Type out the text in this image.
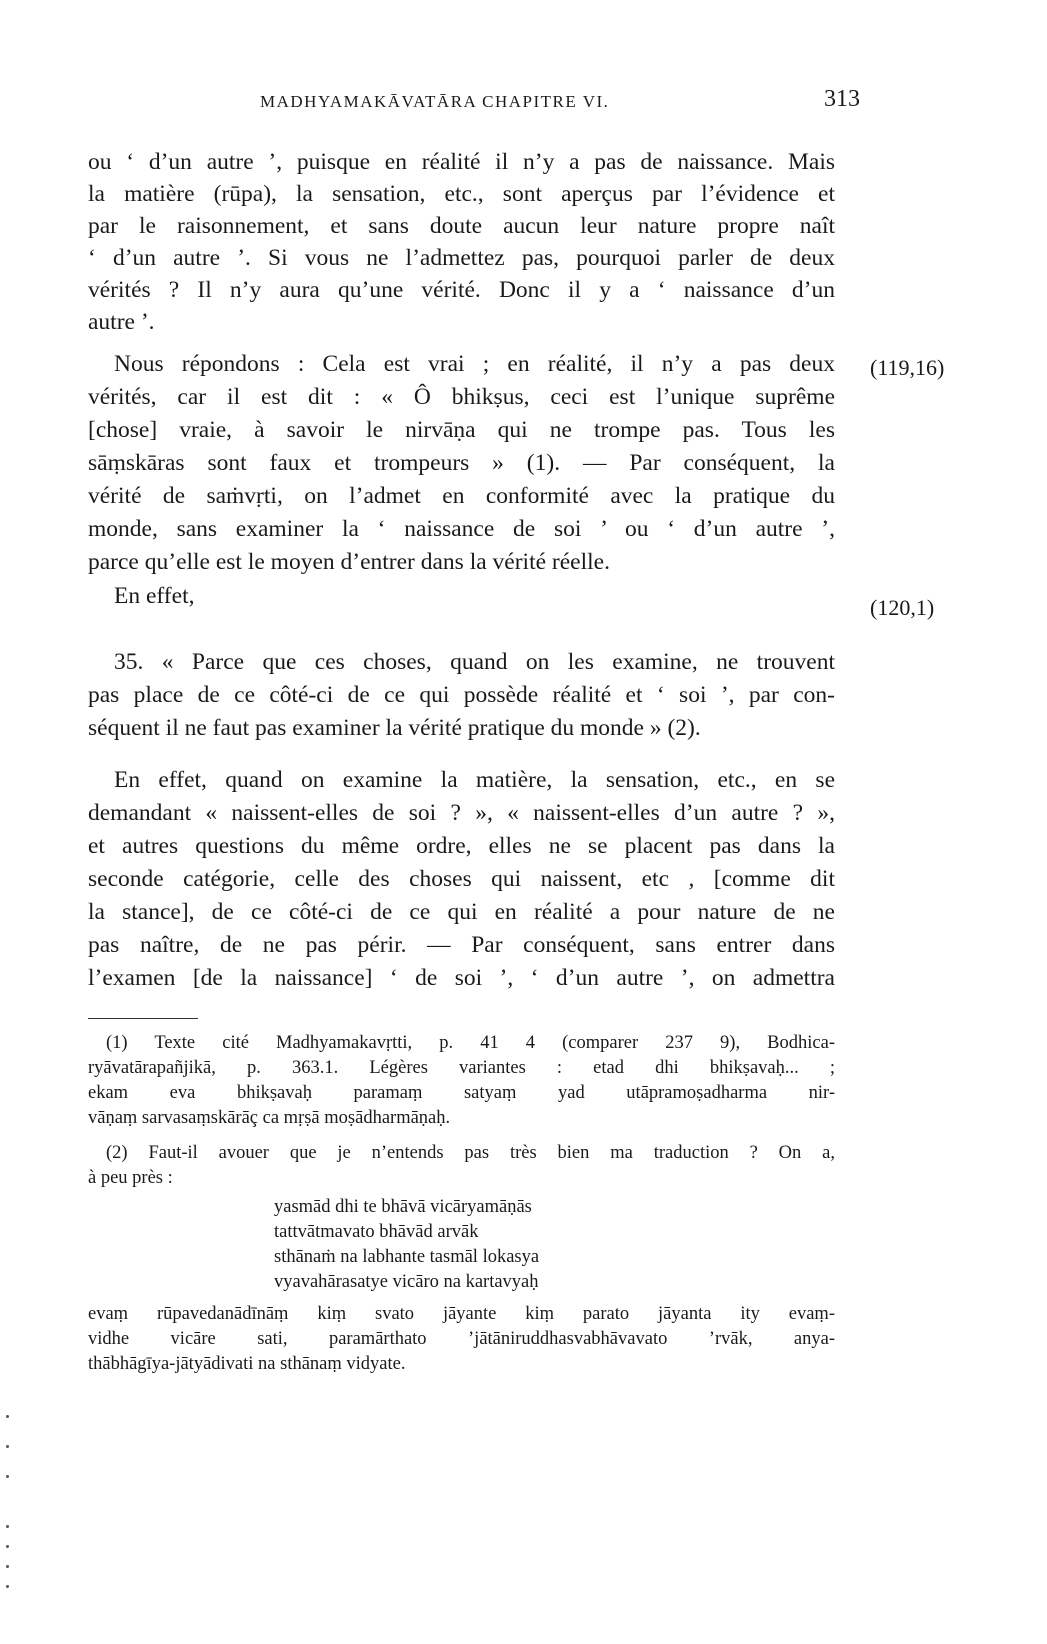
MADHYAMAKĀVATĀRA CHAPITRE VI.	313
ou ‘ d’un autre ’, puisque en réalité il n’y a pas de naissance. Mais
la matière (rūpa), la sensation, etc., sont aperçus par l’évidence et
par le raisonnement, et sans doute aucun leur nature propre naît
‘ d’un autre ’. Si vous ne l’admettez pas, pourquoi parler de deux
vérités ? Il n’y aura qu’une vérité. Donc il y a ‘ naissance d’un
autre ’.
Nous répondons : Cela est vrai ; en réalité, il n’y a pas deux
vérités, car il est dit : « Ô bhikṣus, ceci est l’unique suprême
[chose] vraie, à savoir le nirvāṇa qui ne trompe pas. Tous les
sāṃskāras sont faux et trompeurs » (1). — Par conséquent, la
vérité de saṁvṛti, on l’admet en conformité avec la pratique du
monde, sans examiner la ‘ naissance de soi ’ ou ‘ d’un autre ’,
parce qu’elle est le moyen d’entrer dans la vérité réelle.
En effet,
(119,16)
(120,1)
35. « Parce que ces choses, quand on les examine, ne trouvent
pas place de ce côté-ci de ce qui possède réalité et ‘ soi ’, par con-
séquent il ne faut pas examiner la vérité pratique du monde » (2).
En effet, quand on examine la matière, la sensation, etc., en se
demandant « naissent-elles de soi ? », « naissent-elles d’un autre ? »,
et autres questions du même ordre, elles ne se placent pas dans la
seconde catégorie, celle des choses qui naissent, etc , [comme dit
la stance], de ce côté-ci de ce qui en réalité a pour nature de ne
pas naître, de ne pas périr. — Par conséquent, sans entrer dans
l’examen [de la naissance] ‘ de soi ’, ‘ d’un autre ’, on admettra
(1) Texte cité Madhyamakavṛtti, p. 41 4 (comparer 237 9), Bodhica-
ryāvatārapañjikā, p. 363.1. Légères variantes : etad dhi bhikṣavaḥ... ;
ekam eva bhikṣavaḥ paramaṃ satyaṃ yad utāpramoṣadharma nir-
vāṇaṃ sarvasaṃskārāç ca mṛṣā moṣādharmāṇaḥ.
(2) Faut-il avouer que je n’entends pas très bien ma traduction ? On a,
à peu près :
yasmād dhi te bhāvā vicāryamāṇās
tattvātmavato bhāvād arvāk
sthānaṁ na labhante tasmāl lokasya
vyavahārasatye vicāro na kartavyaḥ
evaṃ rūpavedanādīnāṃ kiṃ svato jāyante kiṃ parato jāyanta ity evaṃ-
vidhe vicāre sati, paramārthato ’jātāniruddhasvabhāvavato ’rvāk, anya-
thābhāgīya-jātyādivati na sthānaṃ vidyate.
